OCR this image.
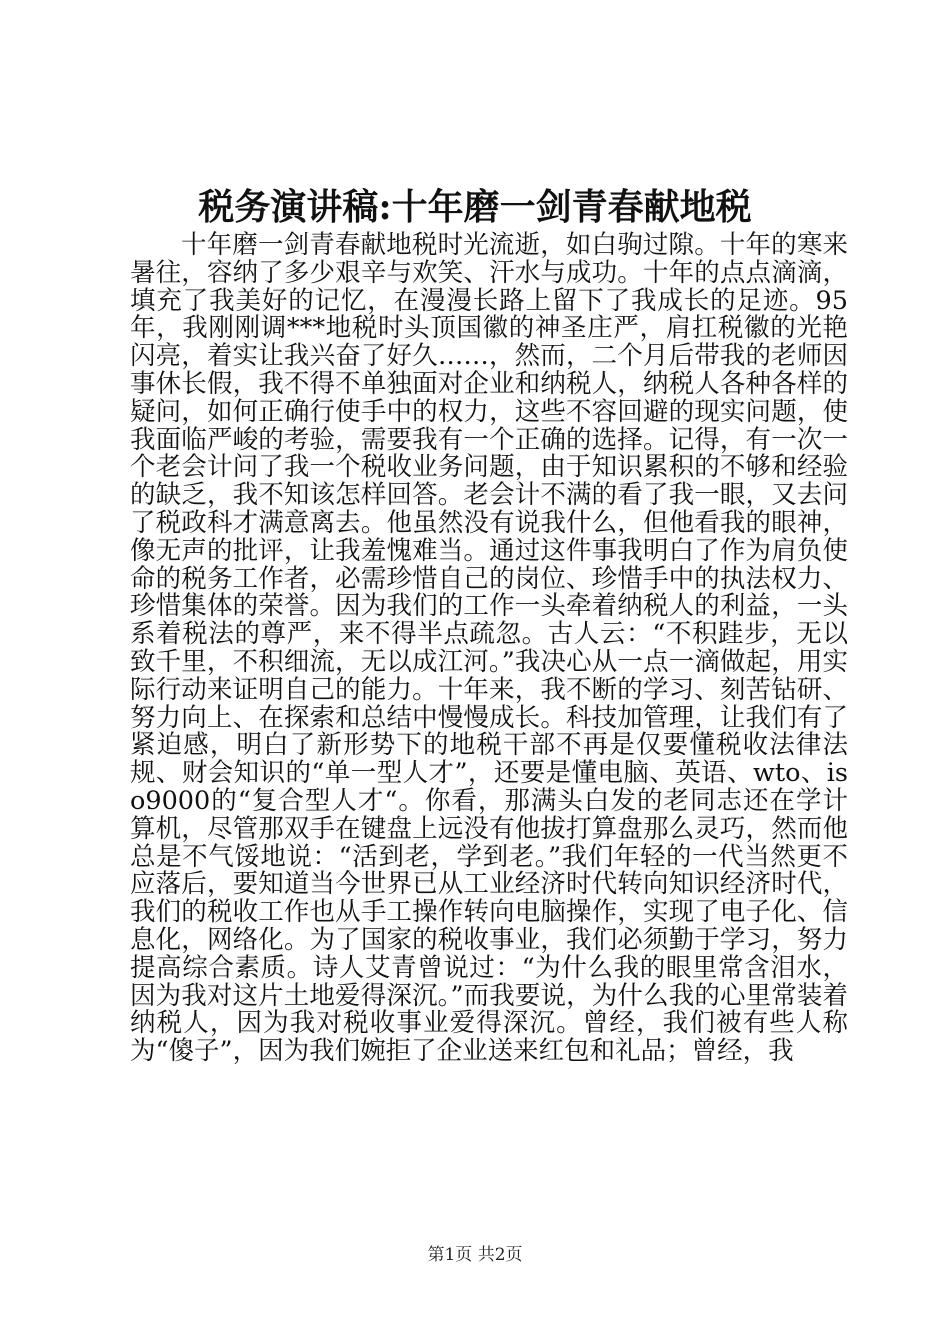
税务演讲稿:十年磨一剑青春献地税

十年磨一剑青春献地税时光流逝，如白驹过隙。十年的寒来暑往，容纳了多少艰辛与欢笑、汗水与成功。十年的点点滴滴，填充了我美好的记忆，在漫漫长路上留下了我成长的足迹。95年，我刚刚调***地税时头顶国徽的神圣庄严，肩扛税徽的光艳闪亮，着实让我兴奋了好久……，然而，二个月后带我的老师因事休长假，我不得不单独面对企业和纳税人，纳税人各种各样的疑问，如何正确行使手中的权力，这些不容回避的现实问题，使我面临严峻的考验，需要我有一个正确的选择。记得，有一次一个老会计问了我一个税收业务问题，由于知识累积的不够和经验的缺乏，我不知该怎样回答。老会计不满的看了我一眼，又去问了税政科才满意离去。他虽然没有说我什么，但他看我的眼神，像无声的批评，让我羞愧难当。通过这件事我明白了作为肩负使命的税务工作者，必需珍惜自己的岗位、珍惜手中的执法权力、珍惜集体的荣誉。因为我们的工作一头牵着纳税人的利益，一头系着税法的尊严，来不得半点疏忽。古人云：“不积跬步，无以致千里，不积细流，无以成江河。”我决心从一点一滴做起，用实际行动来证明自己的能力。十年来，我不断的学习、刻苦钻研、努力向上、在探索和总结中慢慢成长。科技加管理，让我们有了紧迫感，明白了新形势下的地税干部不再是仅要懂税收法律法规、财会知识的“单一型人才”，还要是懂电脑、英语、wto、iso9000的“复合型人才“。你看，那满头白发的老同志还在学计算机，尽管那双手在键盘上远没有他拔打算盘那么灵巧，然而他总是不气馁地说：“活到老，学到老。”我们年轻的一代当然更不应落后，要知道当今世界已从工业经济时代转向知识经济时代，我们的税收工作也从手工操作转向电脑操作，实现了电子化、信息化，网络化。为了国家的税收事业，我们必须勤于学习，努力提高综合素质。诗人艾青曾说过：“为什么我的眼里常含泪水，因为我对这片土地爱得深沉。”而我要说，为什么我的心里常装着纳税人，因为我对税收事业爱得深沉。曾经，我们被有些人称为“傻子”，因为我们婉拒了企业送来红包和礼品；曾经，我

第1页 共2页
